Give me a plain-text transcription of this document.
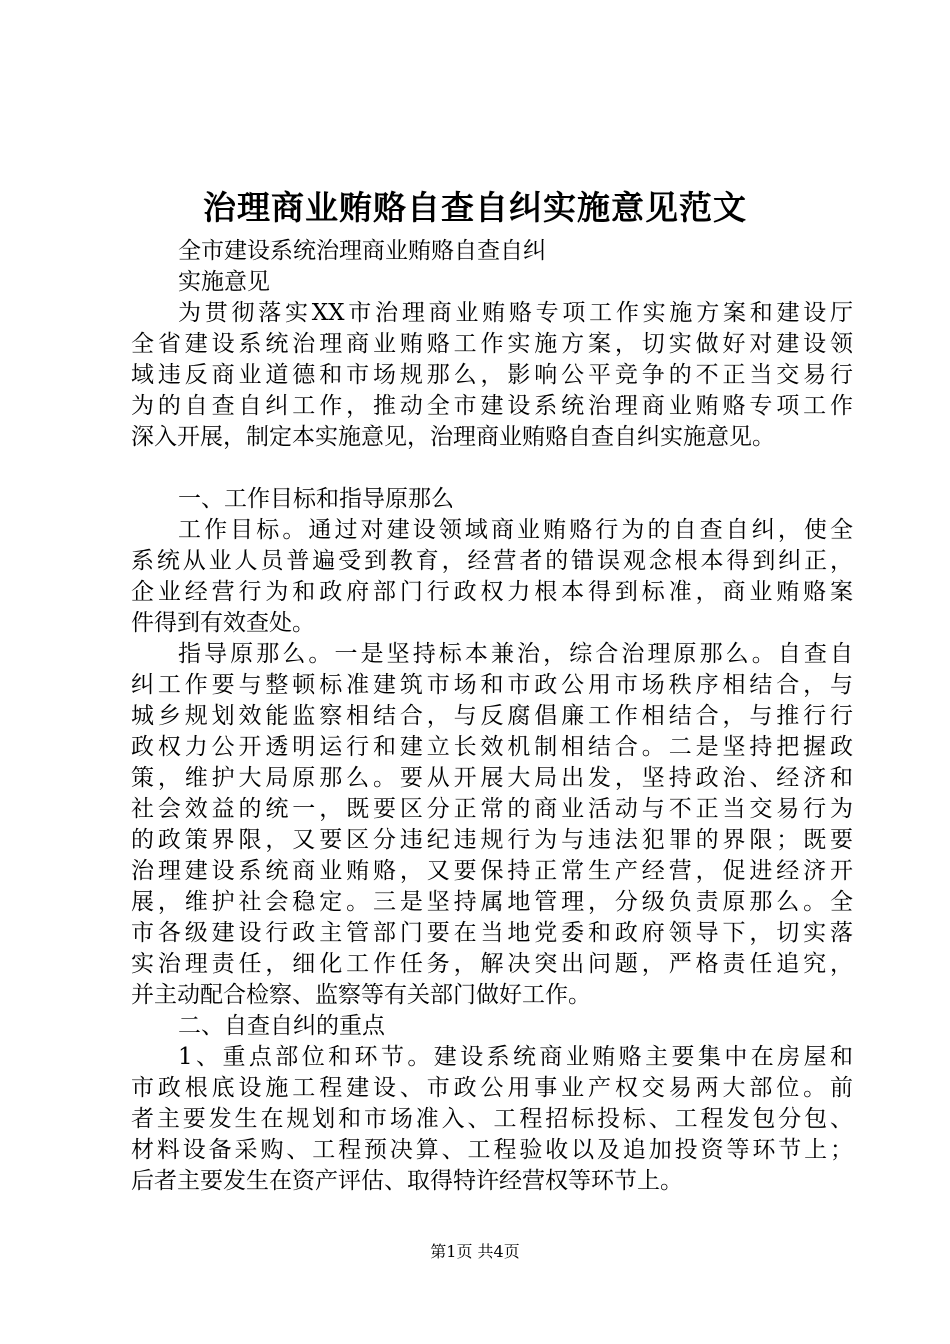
治理商业贿赂自查自纠实施意见范文
全市建设系统治理商业贿赂自查自纠
实施意见
为贯彻落实XX市治理商业贿赂专项工作实施方案和建设厅
全省建设系统治理商业贿赂工作实施方案，切实做好对建设领
域违反商业道德和市场规那么，影响公平竞争的不正当交易行
为的自查自纠工作，推动全市建设系统治理商业贿赂专项工作
深入开展，制定本实施意见，治理商业贿赂自查自纠实施意见。
一、工作目标和指导原那么
工作目标。通过对建设领域商业贿赂行为的自查自纠，使全
系统从业人员普遍受到教育，经营者的错误观念根本得到纠正，
企业经营行为和政府部门行政权力根本得到标准，商业贿赂案
件得到有效查处。
指导原那么。一是坚持标本兼治，综合治理原那么。自查自
纠工作要与整顿标准建筑市场和市政公用市场秩序相结合，与
城乡规划效能监察相结合，与反腐倡廉工作相结合，与推行行
政权力公开透明运行和建立长效机制相结合。二是坚持把握政
策，维护大局原那么。要从开展大局出发，坚持政治、经济和
社会效益的统一，既要区分正常的商业活动与不正当交易行为
的政策界限，又要区分违纪违规行为与违法犯罪的界限；既要
治理建设系统商业贿赂，又要保持正常生产经营，促进经济开
展，维护社会稳定。三是坚持属地管理，分级负责原那么。全
市各级建设行政主管部门要在当地党委和政府领导下，切实落
实治理责任，细化工作任务，解决突出问题，严格责任追究，
并主动配合检察、监察等有关部门做好工作。
二、自查自纠的重点
1、重点部位和环节。建设系统商业贿赂主要集中在房屋和
市政根底设施工程建设、市政公用事业产权交易两大部位。前
者主要发生在规划和市场准入、工程招标投标、工程发包分包、
材料设备采购、工程预决算、工程验收以及追加投资等环节上；
后者主要发生在资产评估、取得特许经营权等环节上。
第1页 共4页
